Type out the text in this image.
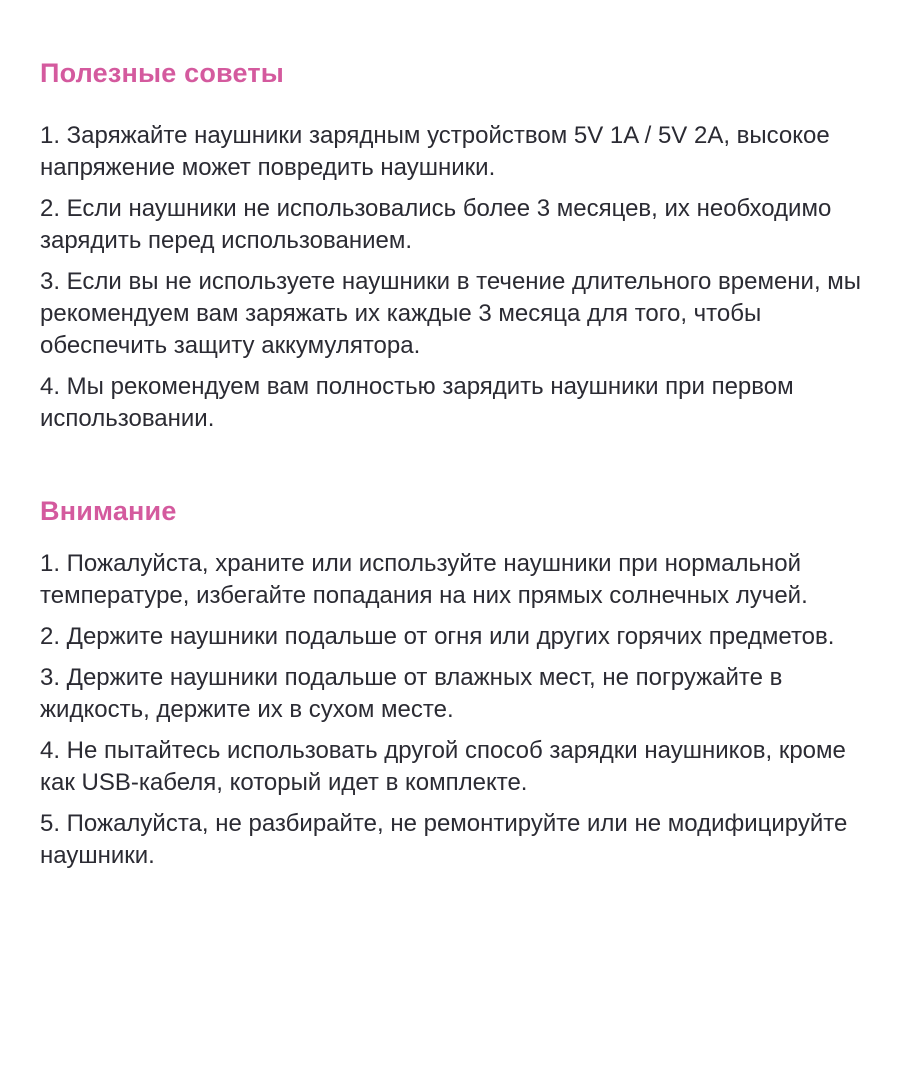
Полезные советы
1. Заряжайте наушники зарядным устройством 5V 1A / 5V 2A, высокое напряжение может повредить наушники.
2. Если наушники не использовались более 3 месяцев, их необходимо зарядить перед использованием.
3. Если вы не используете наушники в течение длительного времени, мы рекомендуем вам заряжать их каждые 3 месяца для того, чтобы обеспечить защиту аккумулятора.
4. Мы рекомендуем вам полностью зарядить наушники при первом использовании.
Внимание
1. Пожалуйста, храните или используйте наушники при нормальной температуре, избегайте попадания на них прямых солнечных лучей.
2. Держите наушники подальше от огня или других горячих предметов.
3. Держите наушники подальше от влажных мест, не погружайте в жидкость, держите их в сухом месте.
4. Не пытайтесь использовать другой способ зарядки наушников, кроме как USB-кабеля, который идет в комплекте.
5. Пожалуйста, не разбирайте, не ремонтируйте или не модифицируйте наушники.
